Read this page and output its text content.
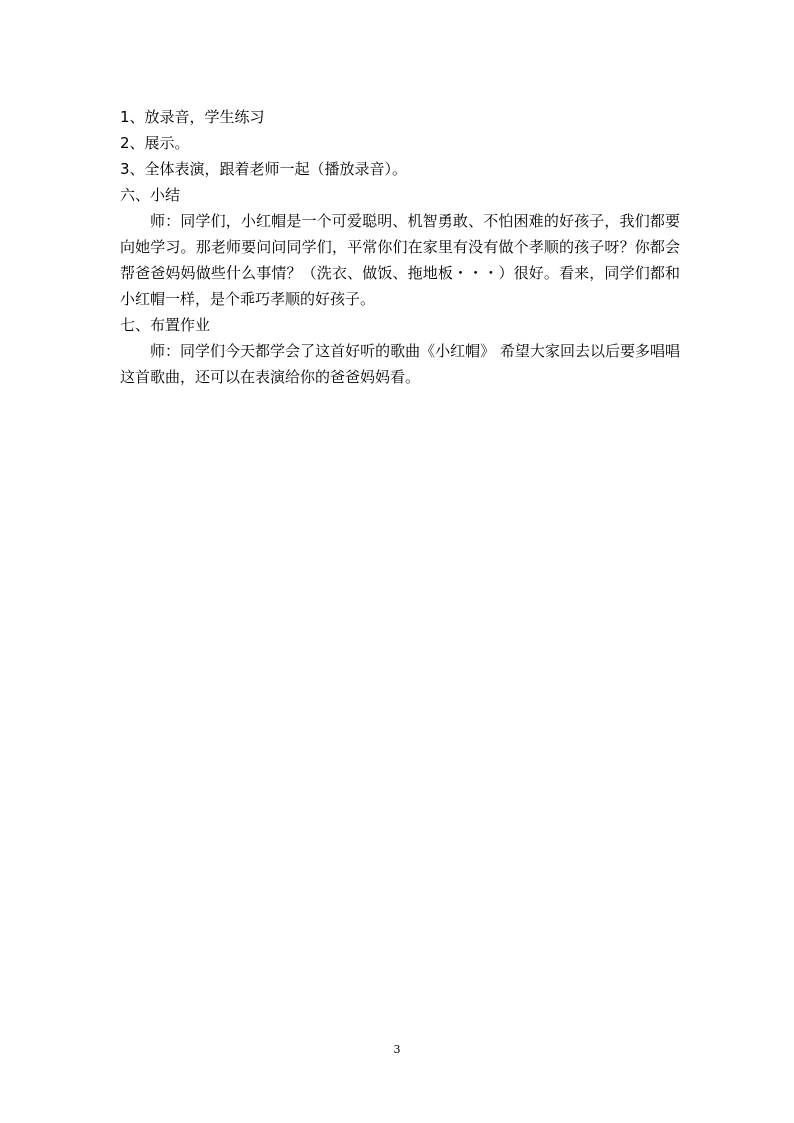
1、放录音，学生练习

2、展示。

3、全体表演，跟着老师一起（播放录音）。

六、小结

师：同学们，小红帽是一个可爱聪明、机智勇敢、不怕困难的好孩子，我们都要向她学习。那老师要问问同学们，平常你们在家里有没有做个孝顺的孩子呀？你都会帮爸爸妈妈做些什么事情？（洗衣、做饭、拖地板・・・）很好。看来，同学们都和小红帽一样，是个乖巧孝顺的好孩子。

七、布置作业

师：同学们今天都学会了这首好听的歌曲《小红帽》 希望大家回去以后要多唱唱这首歌曲，还可以在表演给你的爸爸妈妈看。

3
